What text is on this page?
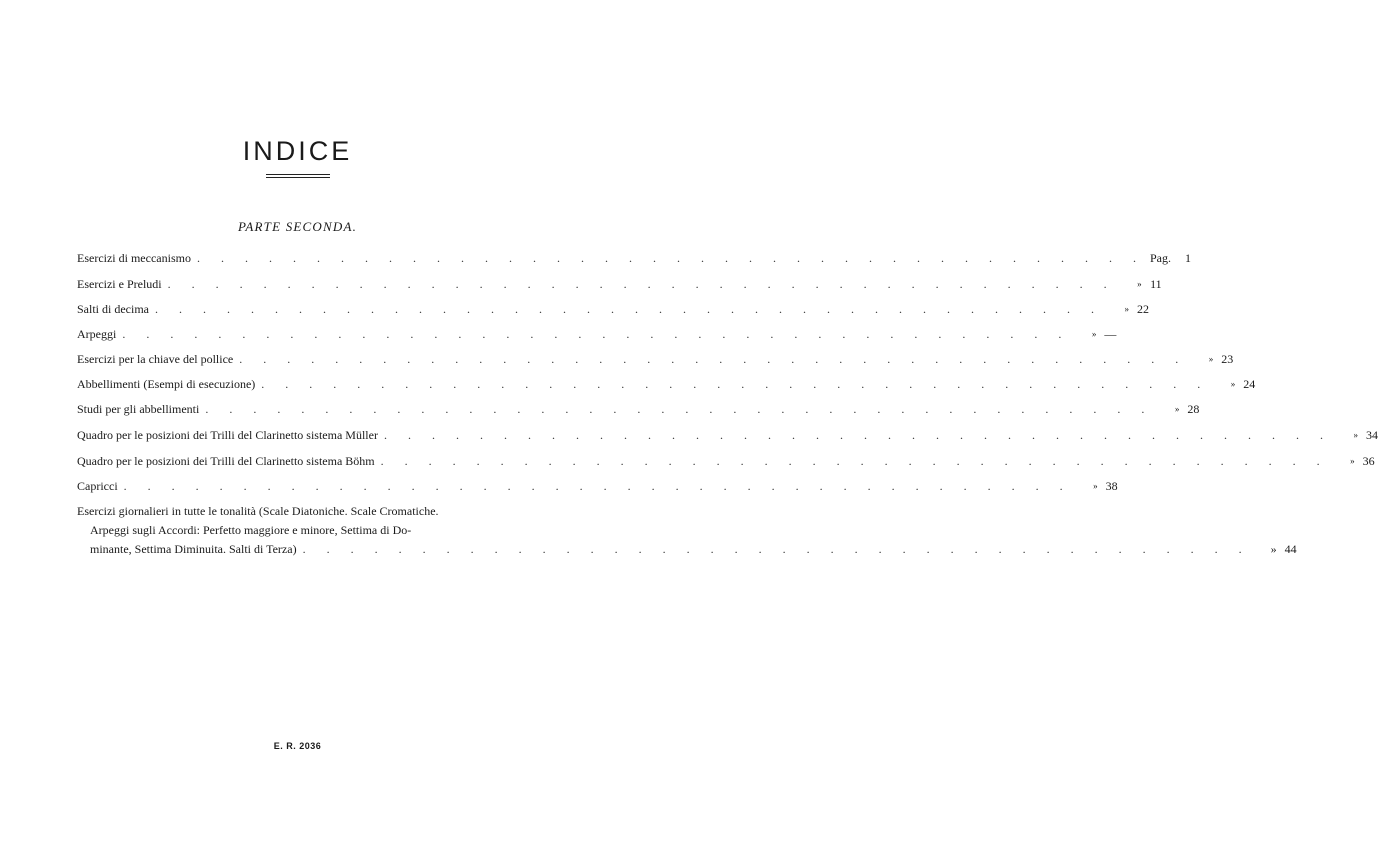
INDICE
PARTE SECONDA.
Esercizi di meccanismo . . . . . . . . . . . . . . . . . . . . . . . . . . . . . . . . . . . . . . . . Pag.	1
Esercizi e Preludi . . . . . . . . . . . . . . . . . . . . . . . . . . . . . . . . . . . . . . . .	» 11
Salti di decima . . . . . . . . . . . . . . . . . . . . . . . . . . . . . . . . . . . . . . . .	» 22
Arpeggi . . . . . . . . . . . . . . . . . . . . . . . . . . . . . . . . . . . . . . . .	» —
Esercizi per la chiave del pollice . . . . . . . . . . . . . . . . . . . . . . . . . . . . . . . . . . . . . . . .	» 23
Abbellimenti (Esempi di esecuzione) . . . . . . . . . . . . . . . . . . . . . . . . . . . . . . . . . . . . . . . .	» 24
Studi per gli abbellimenti . . . . . . . . . . . . . . . . . . . . . . . . . . . . . . . . . . . . . . . .	» 28
Quadro per le posizioni dei Trilli del Clarinetto sistema Müller . . . . . . . . . . . . . . . . . . . . . . . . . . . . . . . . . . . . . . . .	» 34
Quadro per le posizioni dei Trilli del Clarinetto sistema Böhm . . . . . . . . . . . . . . . . . . . . . . . . . . . . . . . . . . . . . . . .	» 36
Capricci . . . . . . . . . . . . . . . . . . . . . . . . . . . . . . . . . . . . . . . .	» 38
Esercizi giornalieri in tutte le tonalità (Scale Diatoniche. Scale Cromatiche.
Arpeggi sugli Accordi: Perfetto maggiore e minore, Settima di Do-
minante, Settima Diminuita. Salti di Terza) . . . . . . . . . . . . . . . . . . . . . . . . . . . . . . . . . . . . . . . .	» 44
E. R. 2036
